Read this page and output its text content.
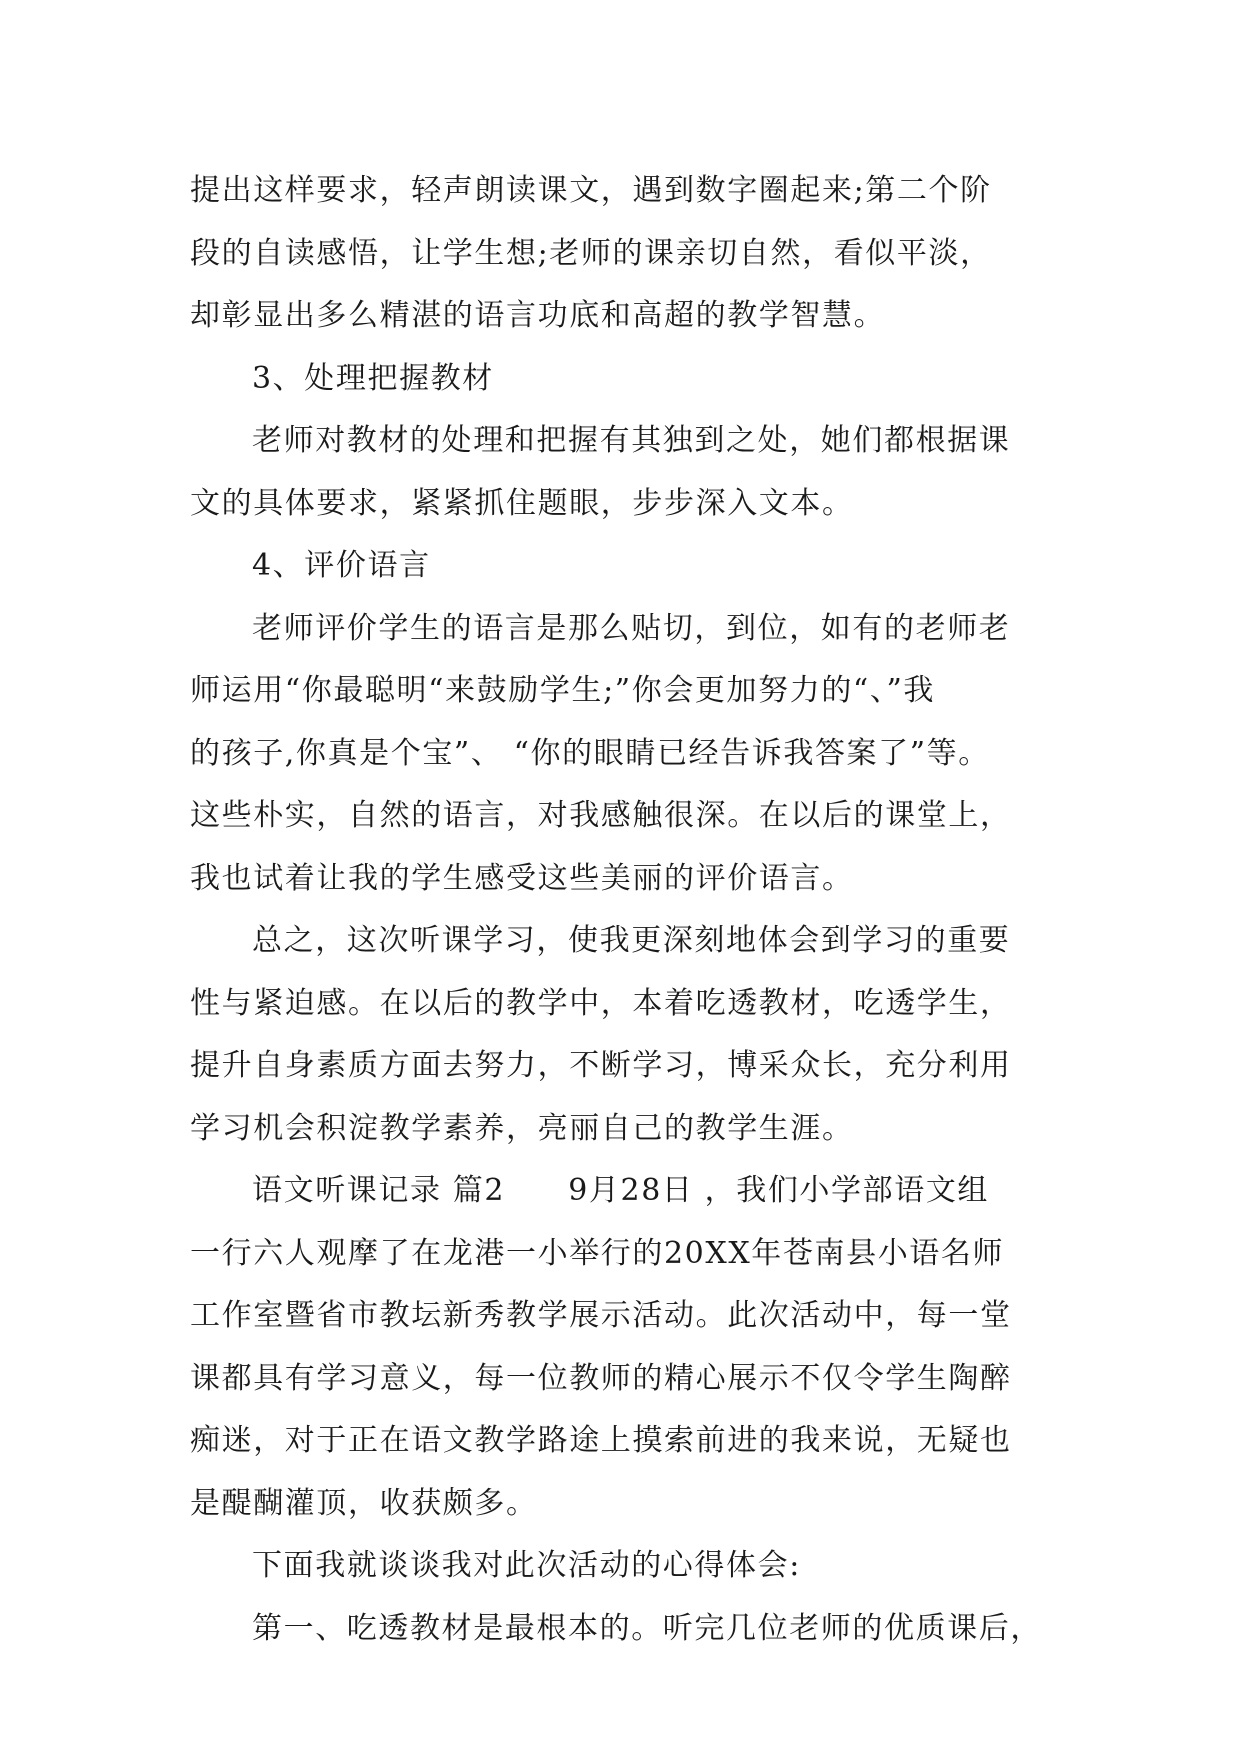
提出这样要求，轻声朗读课文，遇到数字圈起来;第二个阶
段的自读感悟，让学生想;老师的课亲切自然，看似平淡，
却彰显出多么精湛的语言功底和高超的教学智慧。
3、处理把握教材
老师对教材的处理和把握有其独到之处，她们都根据课
文的具体要求，紧紧抓住题眼，步步深入文本。
4、评价语言
老师评价学生的语言是那么贴切，到位，如有的老师老
师运用“你最聪明“来鼓励学生;”你会更加努力的“、”我
的孩子,你真是个宝”、 “你的眼睛已经告诉我答案了”等。
这些朴实，自然的语言，对我感触很深。在以后的课堂上，
我也试着让我的学生感受这些美丽的评价语言。
总之，这次听课学习，使我更深刻地体会到学习的重要
性与紧迫感。在以后的教学中，本着吃透教材，吃透学生，
提升自身素质方面去努力，不断学习，博采众长，充分利用
学习机会积淀教学素养，亮丽自己的教学生涯。
语文听课记录 篇2　　9月28日 ，我们小学部语文组
一行六人观摩了在龙港一小举行的20XX年苍南县小语名师
工作室暨省市教坛新秀教学展示活动。此次活动中，每一堂
课都具有学习意义，每一位教师的精心展示不仅令学生陶醉
痴迷，对于正在语文教学路途上摸索前进的我来说，无疑也
是醍醐灌顶，收获颇多。
下面我就谈谈我对此次活动的心得体会:
第一、吃透教材是最根本的。听完几位老师的优质课后，
